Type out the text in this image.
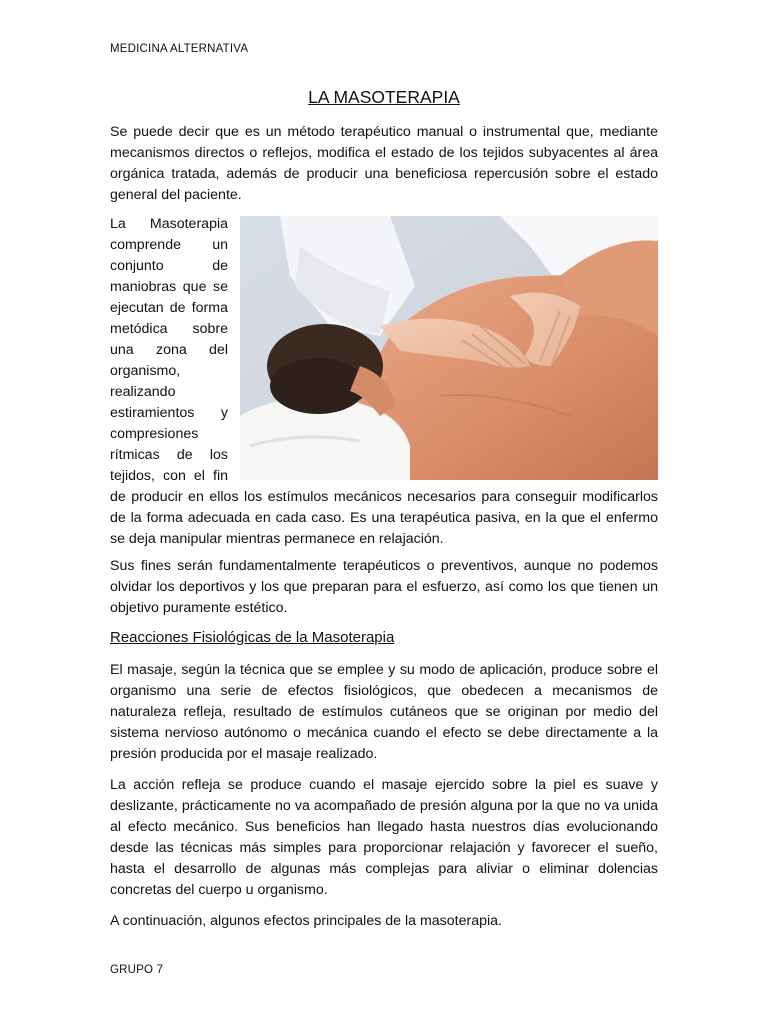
MEDICINA ALTERNATIVA
LA MASOTERAPIA

Se puede decir que es un método terapéutico manual o instrumental que, mediante mecanismos directos o reflejos, modifica el estado de los tejidos subyacentes al área orgánica tratada, además de producir una beneficiosa repercusión sobre el estado general del paciente.

La Masoterapia comprende un conjunto de maniobras que se ejecutan de forma metódica sobre una zona del organismo, realizando estiramientos y compresiones rítmicas de los tejidos, con el fin de producir en ellos los estímulos mecánicos necesarios para conseguir modificarlos de la forma adecuada en cada caso. Es una terapéutica pasiva, en la que el enfermo se deja manipular mientras permanece en relajación.

Sus fines serán fundamentalmente terapéuticos o preventivos, aunque no podemos olvidar los deportivos y los que preparan para el esfuerzo, así como los que tienen un objetivo puramente estético.

Reacciones Fisiológicas de la Masoterapia

El masaje, según la técnica que se emplee y su modo de aplicación, produce sobre el organismo una serie de efectos fisiológicos, que obedecen a mecanismos de naturaleza refleja, resultado de estímulos cutáneos que se originan por medio del sistema nervioso autónomo o mecánica cuando el efecto se debe directamente a la presión producida por el masaje realizado.

La acción refleja se produce cuando el masaje ejercido sobre la piel es suave y deslizante, prácticamente no va acompañado de presión alguna por la que no va unida al efecto mecánico. Sus beneficios han llegado hasta nuestros días evolucionando desde las técnicas más simples para proporcionar relajación y favorecer el sueño, hasta el desarrollo de algunas más complejas para aliviar o eliminar dolencias concretas del cuerpo u organismo.

A continuación, algunos efectos principales de la masoterapia.

GRUPO 7
